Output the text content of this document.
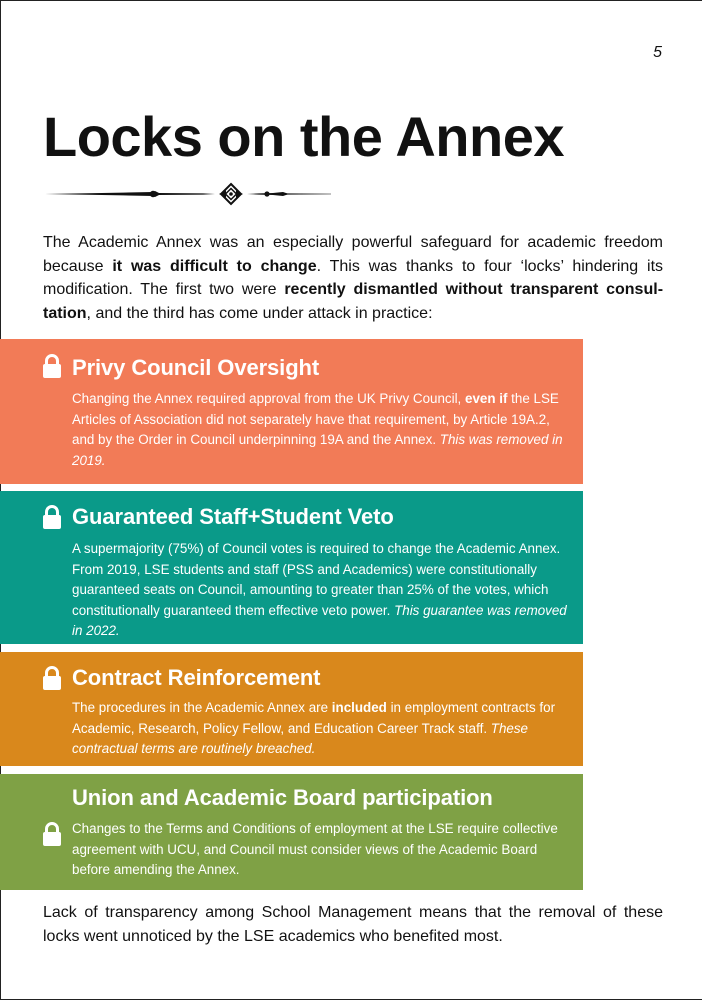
5
Locks on the Annex

The Academic Annex was an especially powerful safeguard for academic freedom because it was difficult to change. This was thanks to four ‘locks’ hindering its modification. The first two were recently dismantled without transparent consultation, and the third has come under attack in practice:

Privy Council Oversight

Changing the Annex required approval from the UK Privy Council, even if the LSE Articles of Association did not separately have that requirement, by Article 19A.2, and by the Order in Council underpinning 19A and the Annex. This was removed in 2019.

Guaranteed Staff+Student Veto

A supermajority (75%) of Council votes is required to change the Academic Annex. From 2019, LSE students and staff (PSS and Academics) were constitutionally guaranteed seats on Council, amounting to greater than 25% of the votes, which constitutionally guaranteed them effective veto power. This guarantee was removed in 2022.

Contract Reinforcement

The procedures in the Academic Annex are included in employment contracts for Academic, Research, Policy Fellow, and Education Career Track staff. These contractual terms are routinely breached.

Union and Academic Board participation

Changes to the Terms and Conditions of employment at the LSE require collective agreement with UCU, and Council must consider views of the Academic Board before amending the Annex.

Lack of transparency among School Management means that the removal of these locks went unnoticed by the LSE academics who benefited most.
